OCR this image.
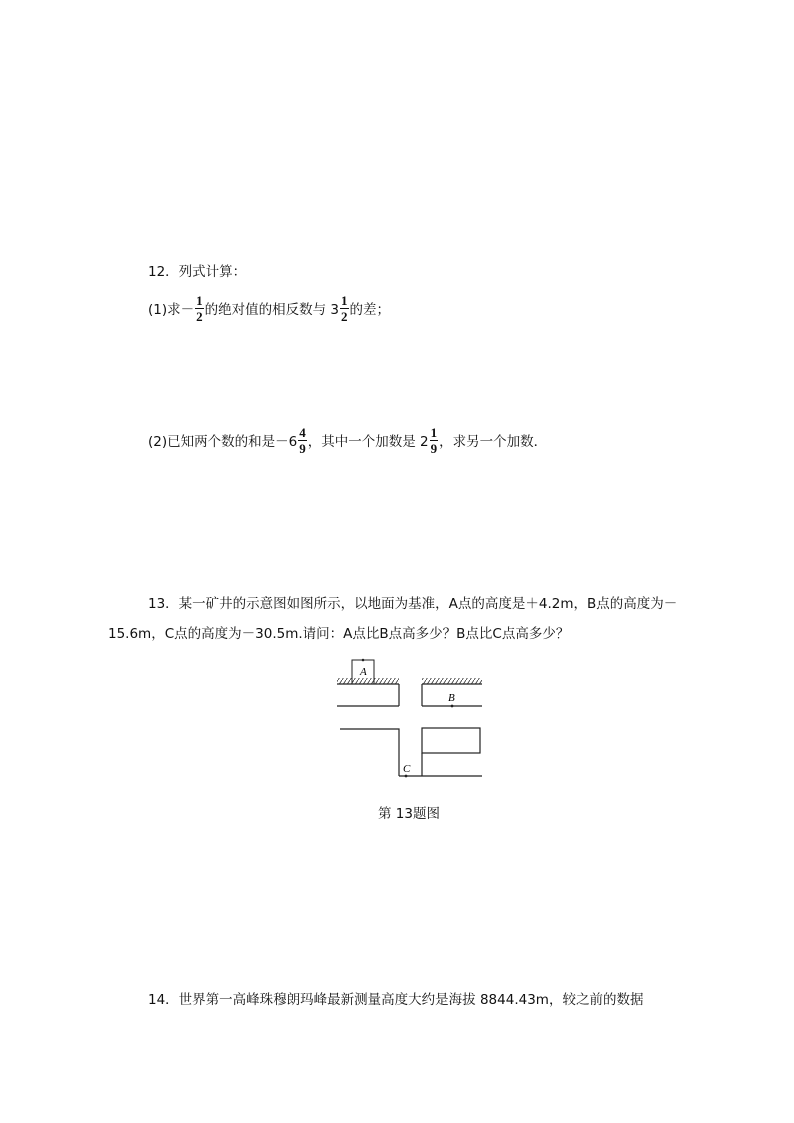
12．列式计算：
(1)求－ $\frac{1}{2}$ 的绝对值的相反数与 $3 \frac{1}{2}$ 的差；
(2)已知两个数的和是$-6 \frac{4}{9}$ ，其中一个加数是 $2 \frac{1}{9}$ ，求另一个加数．
13．某一矿井的示意图如图所示，以地面为基准，A点的高度是＋4.2m，B点的高度为－
15.6m，C点的高度为－30.5m.请问：A点比B点高多少？B点比C点高多少？
A
B
C
第 13题图
14．世界第一高峰珠穆朗玛峰最新测量高度大约是海拔 8844.43m，较之前的数据
